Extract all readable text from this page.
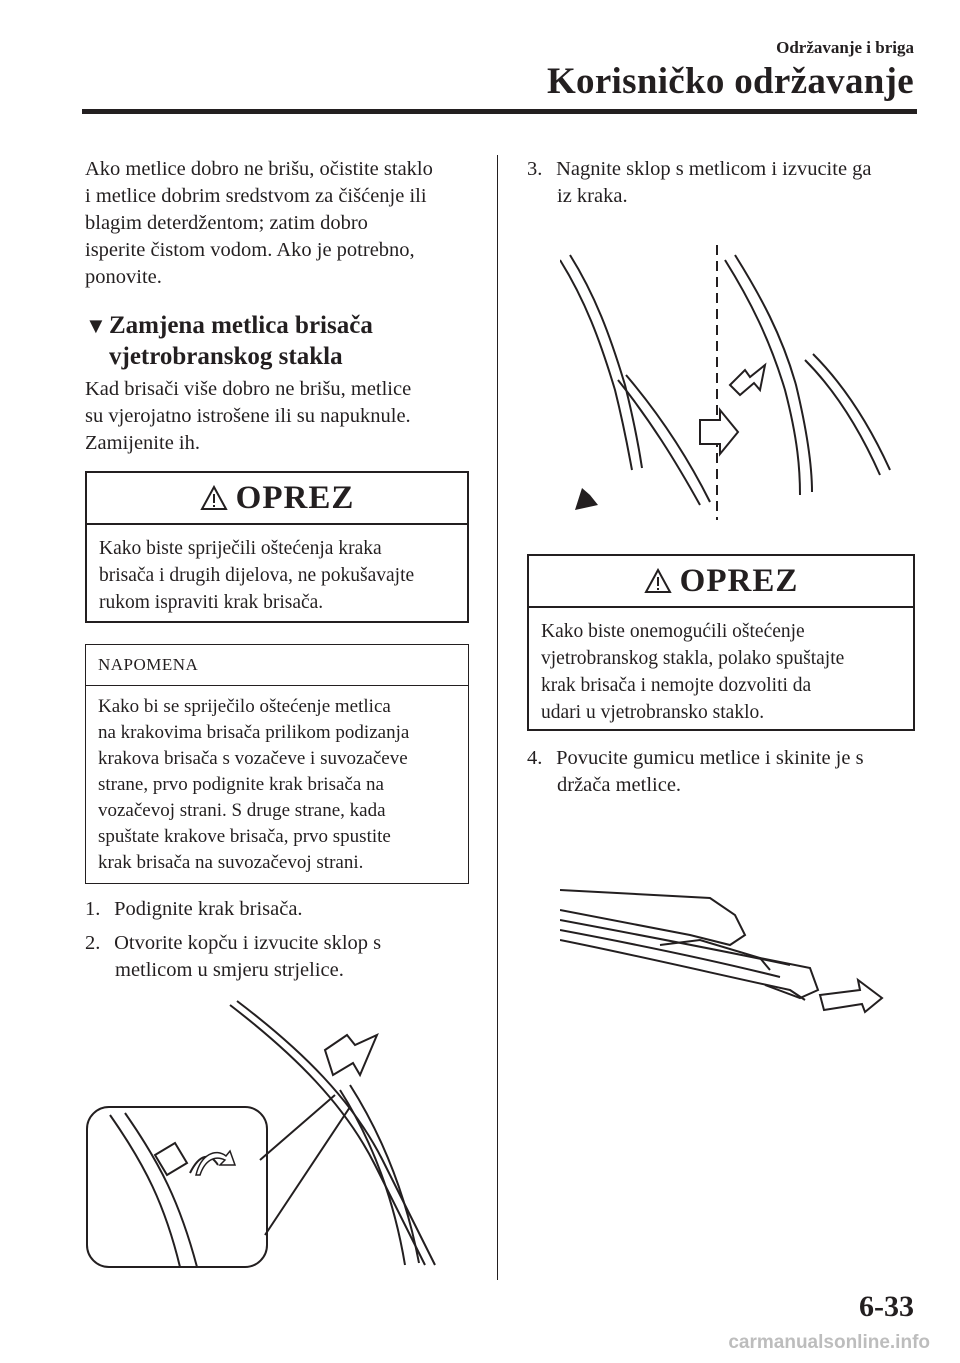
Održavanje i briga
Korisničko održavanje

Ako metlice dobro ne brišu, očistite staklo

i metlice dobrim sredstvom za čišćenje ili

blagim deterdžentom; zatim dobro

isperite čistom vodom. Ako je potrebno,

ponovite.

▼Zamjena metlica brisača
vjetrobranskog stakla

Kad brisači više dobro ne brišu, metlice

su vjerojatno istrošene ili su napuknule.

Zamijenite ih.

OPREZ
Kako biste spriječili oštećenja kraka
brisača i drugih dijelova, ne pokušavajte
rukom ispraviti krak brisača.
NAPOMENA
Kako bi se spriječilo oštećenje metlica
na krakovima brisača prilikom podizanja
krakova brisača s vozačeve i suvozačeve
strane, prvo podignite krak brisača na
vozačevoj strani. S druge strane, kada
spuštate krakove brisača, prvo spustite
krak brisača na suvozačevoj strani.
1. Podignite krak brisača.
2. Otvorite kopču i izvucite sklop s
metlicom u smjeru strjelice.
3. Nagnite sklop s metlicom i izvucite ga
iz kraka.
OPREZ
Kako biste onemogućili oštećenje
vjetrobranskog stakla, polako spuštajte
krak brisača i nemojte dozvoliti da
udari u vjetrobransko staklo.
4. Povucite gumicu metlice i skinite je s
držača metlice.
6-33
carmanualsonline.info
